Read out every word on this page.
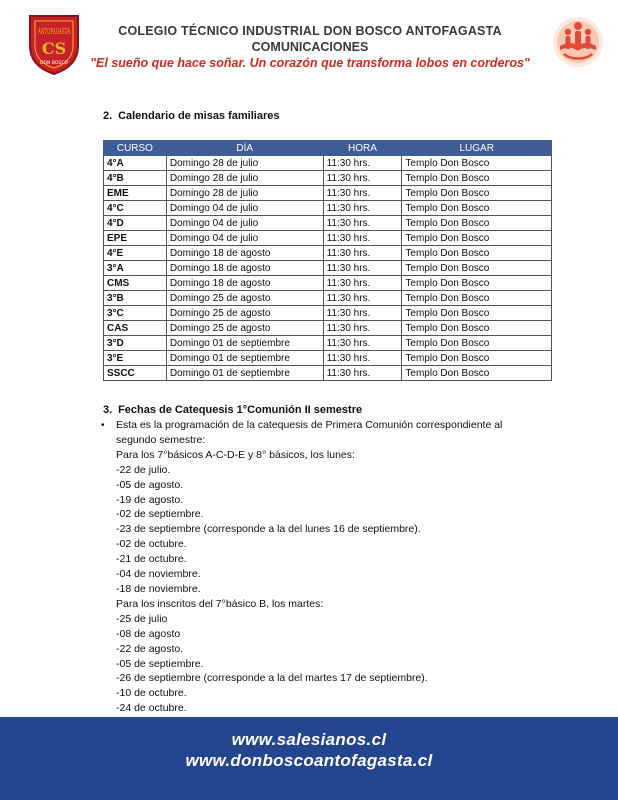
ANTOFAGASTA
CS
DON BOSCO
COLEGIO TÉCNICO INDUSTRIAL DON BOSCO ANTOFAGASTA
COMUNICACIONES
"El sueño que hace soñar. Un corazón que transforma lobos en corderos"
2. Calendario de misas familiares
CURSO	DÍA	HORA	LUGAR
4°A	Domingo 28 de julio	11:30 hrs.	Templo Don Bosco
4°B	Domingo 28 de julio	11:30 hrs.	Templo Don Bosco
EME	Domingo 28 de julio	11:30 hrs.	Templo Don Bosco
4°C	Domingo 04 de julio	11:30 hrs.	Templo Don Bosco
4°D	Domingo 04 de julio	11:30 hrs.	Templo Don Bosco
EPE	Domingo 04 de julio	11:30 hrs.	Templo Don Bosco
4°E	Domingo 18 de agosto	11:30 hrs.	Templo Don Bosco
3°A	Domingo 18 de agosto	11:30 hrs.	Templo Don Bosco
CMS	Domingo 18 de agosto	11:30 hrs.	Templo Don Bosco
3°B	Domingo 25 de agosto	11:30 hrs.	Templo Don Bosco
3°C	Domingo 25 de agosto	11:30 hrs.	Templo Don Bosco
CAS	Domingo 25 de agosto	11:30 hrs.	Templo Don Bosco
3°D	Domingo 01 de septiembre	11:30 hrs.	Templo Don Bosco
3°E	Domingo 01 de septiembre	11:30 hrs.	Templo Don Bosco
SSCC	Domingo 01 de septiembre	11:30 hrs.	Templo Don Bosco
3. Fechas de Catequesis 1°Comunión II semestre
• Esta es la programación de la catequesis de Primera Comunión correspondiente al
segundo semestre:
Para los 7°básicos A-C-D-E y 8° básicos, los lunes:
-22 de julio.
-05 de agosto.
-19 de agosto.
-02 de septiembre.
-23 de septiembre (corresponde a la del lunes 16 de septiembre).
-02 de octubre.
-21 de octubre.
-04 de noviembre.
-18 de noviembre.
Para los inscritos del 7°básico B, los martes:
-25 de julio
-08 de agosto
-22 de agosto.
-05 de septiembre.
-26 de septiembre (corresponde a la del martes 17 de septiembre).
-10 de octubre.
-24 de octubre.
www.salesianos.cl
www.donboscoantofagasta.cl
